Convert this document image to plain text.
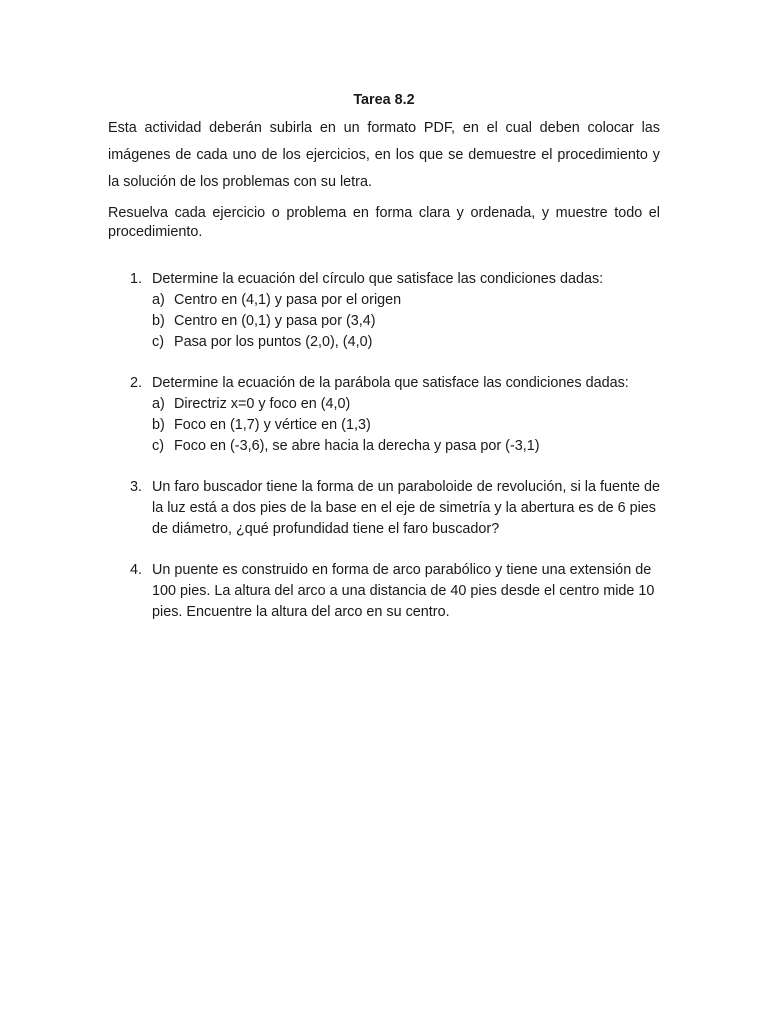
Tarea 8.2

Esta actividad deberán subirla en un formato PDF, en el cual deben colocar las imágenes de cada uno de los ejercicios, en los que se demuestre el procedimiento y la solución de los problemas con su letra.

Resuelva cada ejercicio o problema en forma clara y ordenada, y muestre todo el procedimiento.

1. Determine la ecuación del círculo que satisface las condiciones dadas:
a) Centro en (4,1) y pasa por el origen
b) Centro en (0,1) y pasa por (3,4)
c) Pasa por los puntos (2,0), (4,0)
2. Determine la ecuación de la parábola que satisface las condiciones dadas:
a) Directriz x=0 y foco en (4,0)
b) Foco en (1,7) y vértice en (1,3)
c) Foco en (-3,6), se abre hacia la derecha y pasa por (-3,1)
3. Un faro buscador tiene la forma de un paraboloide de revolución, si la fuente de la luz está a dos pies de la base en el eje de simetría y la abertura es de 6 pies de diámetro, ¿qué profundidad tiene el faro buscador?
4. Un puente es construido en forma de arco parabólico y tiene una extensión de 100 pies. La altura del arco a una distancia de 40 pies desde el centro mide 10 pies. Encuentre la altura del arco en su centro.
